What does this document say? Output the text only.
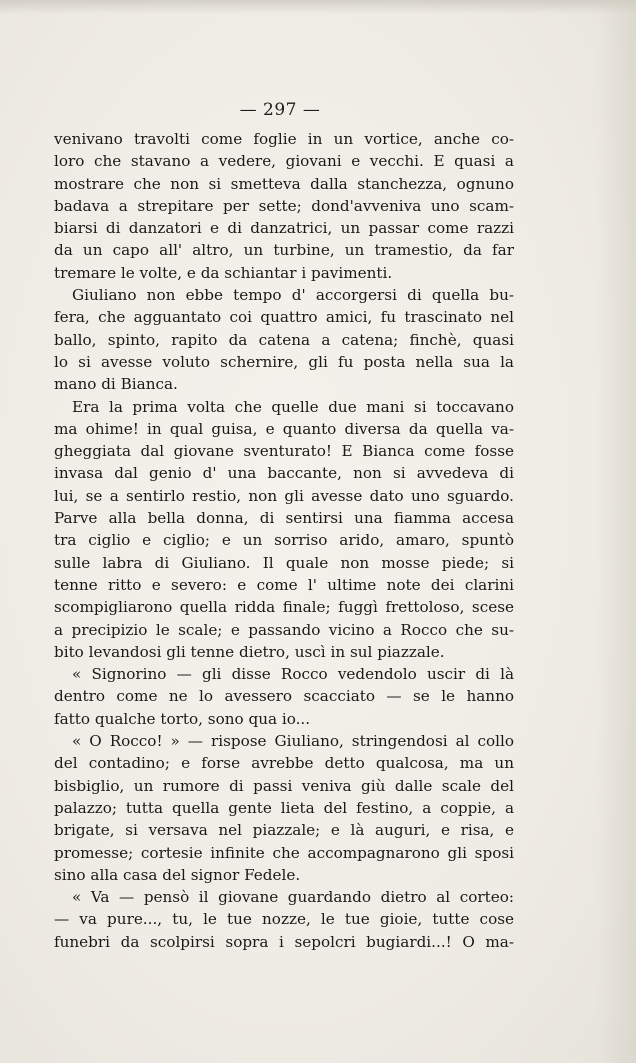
— 297 —

venivano travolti come foglie in un vortice, anche co-

loro che stavano a vedere, giovani e vecchi. E quasi a

mostrare che non si smetteva dalla stanchezza, ognuno

badava a strepitare per sette; dond'avveniva uno scam-

biarsi di danzatori e di danzatrici, un passar come razzi

da un capo all' altro, un turbine, un tramestio, da far

tremare le volte, e da schiantar i pavimenti.

Giuliano non ebbe tempo d' accorgersi di quella bu-

fera, che agguantato coi quattro amici, fu trascinato nel

ballo, spinto, rapito da catena a catena; finchè, quasi

lo si avesse voluto schernire, gli fu posta nella sua la

mano di Bianca.

Era la prima volta che quelle due mani si toccavano

ma ohime! in qual guisa, e quanto diversa da quella va-

gheggiata dal giovane sventurato! E Bianca come fosse

invasa dal genio d' una baccante, non si avvedeva di

lui, se a sentirlo restio, non gli avesse dato uno sguardo.

Parve alla bella donna, di sentirsi una fiamma accesa

tra ciglio e ciglio; e un sorriso arido, amaro, spuntò

sulle labra di Giuliano. Il quale non mosse piede; si

tenne ritto e severo: e come l' ultime note dei clarini

scompigliarono quella ridda finale; fuggì frettoloso, scese

a precipizio le scale; e passando vicino a Rocco che su-

bito levandosi gli tenne dietro, uscì in sul piazzale.

« Signorino — gli disse Rocco vedendolo uscir di là

dentro come ne lo avessero scacciato — se le hanno

fatto qualche torto, sono qua io...

« O Rocco! » — rispose Giuliano, stringendosi al collo

del contadino; e forse avrebbe detto qualcosa, ma un

bisbiglio, un rumore di passi veniva giù dalle scale del

palazzo; tutta quella gente lieta del festino, a coppie, a

brigate, si versava nel piazzale; e là auguri, e risa, e

promesse; cortesie infinite che accompagnarono gli sposi

sino alla casa del signor Fedele.

« Va — pensò il giovane guardando dietro al corteo:

— va pure..., tu, le tue nozze, le tue gioie, tutte cose

funebri da scolpirsi sopra i sepolcri bugiardi...! O ma-
